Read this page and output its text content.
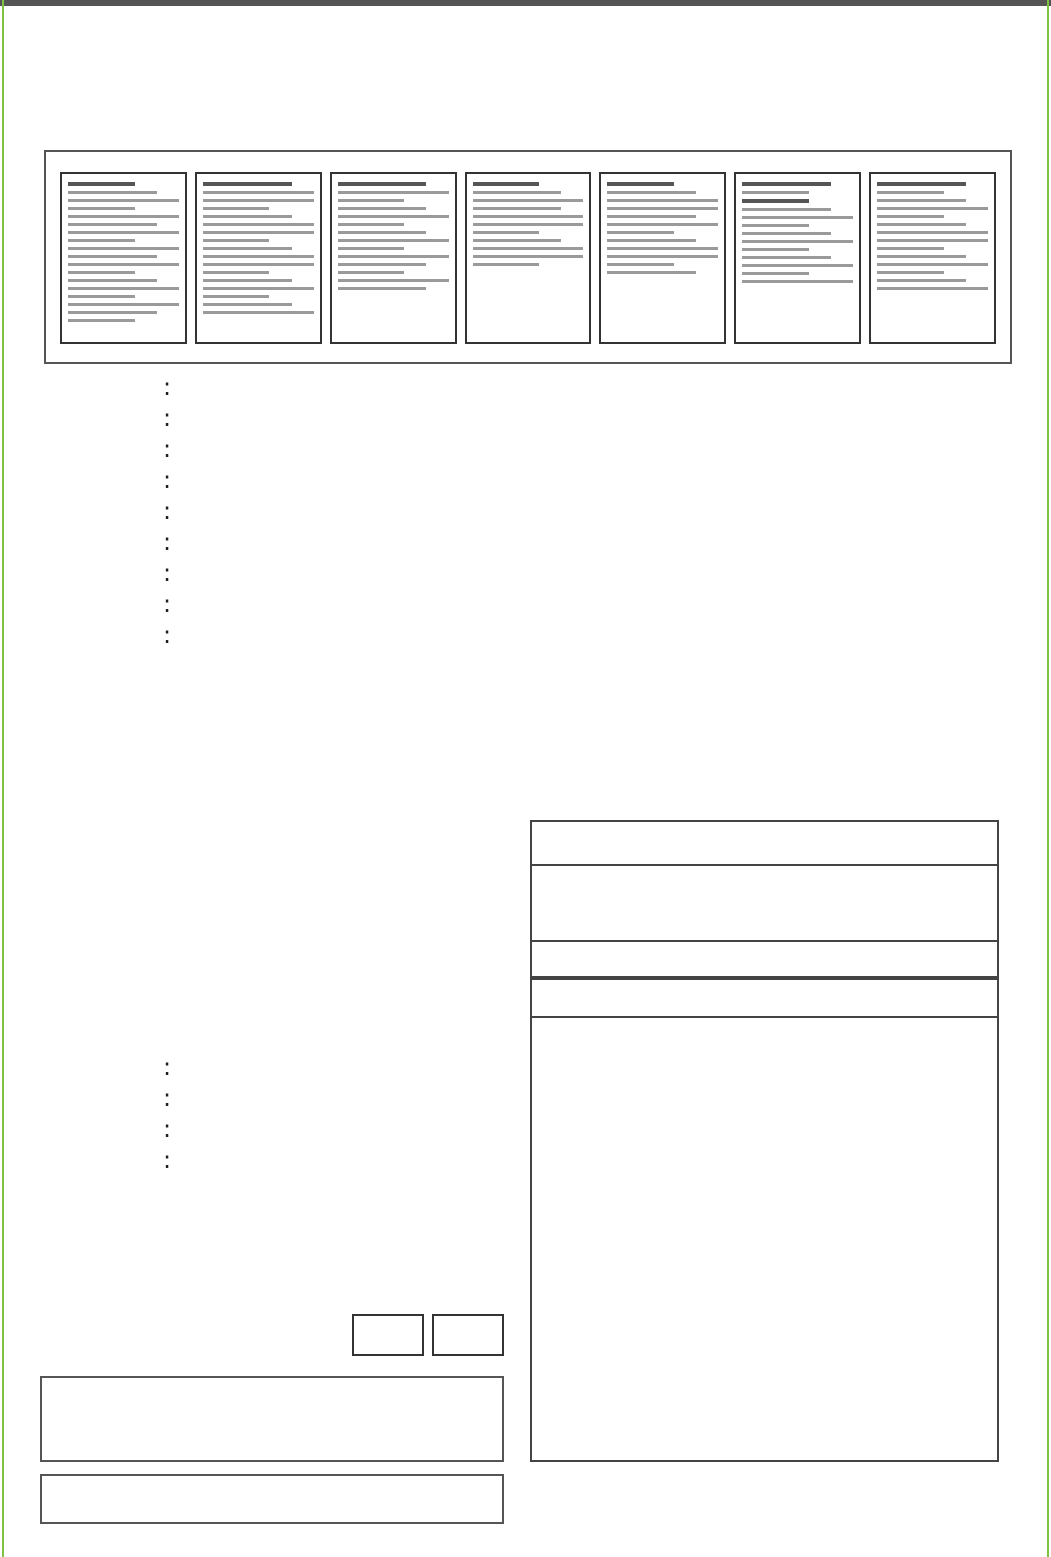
:
:
:
:
:
:
:
:
:
:
:
:
:
